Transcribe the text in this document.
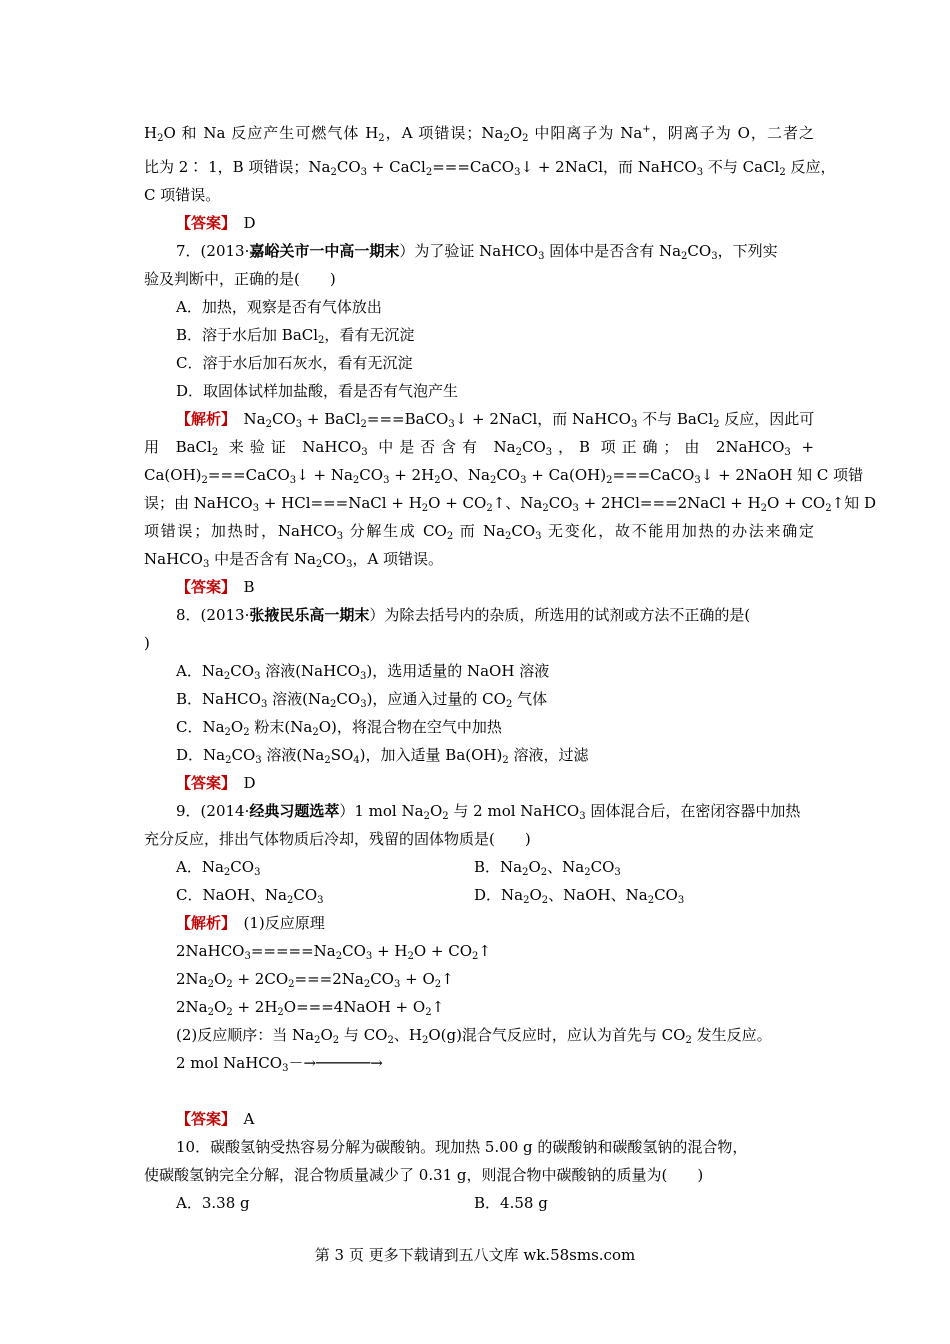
$H_2O$ 和 Na 反应产生可燃气体 $H_2$，A 项错误；$Na_2O_2$ 中阳离子为 Na+，阴离子为 O，二者之
比为 2∶ 1，B 项错误；$Na_2CO_3$ + CaCl$_2$===CaCO$_3$↓ + 2NaCl，而 NaHCO$_3$ 不与 CaCl$_2$ 反应，
C 项错误。
【答案】　 D
7．(2013·嘉峪关市一中高一期末）为了验证 NaHCO$_3$ 固体中是否含有 $Na_2CO_3$，下列实
验及判断中，正确的是(　　)
A．加热，观察是否有气体放出
B．溶于水后加 BaCl$_2$，看有无沉淀
C．溶于水后加石灰水，看有无沉淀
D．取固体试样加盐酸，看是否有气泡产生
【解析】　 $Na_2CO_3$ + BaCl$_2$===BaCO$_3$↓ + 2NaCl，而 NaHCO$_3$ 不与 BaCl$_2$ 反应，因此可
用 BaCl$_2$ 来验证 NaHCO$_3$ 中是否含有 $Na_2CO_3$，B 项正确；由 2NaHCO$_3$ +
$Ca(OH)_2===CaCO_3↓ + Na_2CO_3 + 2H_2O$、$Na_2CO_3$ + $Ca(OH)_2===CaCO_3↓$ + 2NaOH 知 C 项错
误；由 NaHCO$_3$ + HCl===NaCl + $H_2O$ + $CO_2↑$、$Na_2CO_3$ + 2HCl===2NaCl + $H_2O$ + $CO_2↑$知 D
项错误；加热时，NaHCO$_3$ 分解生成 $CO_2$ 而 $Na_2CO_3$ 无变化，故不能用加热的办法来确定
NaHCO$_3$ 中是否含有 $Na_2CO_3$，A 项错误。
【答案】　 B
8．(2013·张掖民乐高一期末）为除去括号内的杂质，所选用的试剂或方法不正确的是(
)
A．$Na_2CO_3$ 溶液(NaHCO$_3$)，选用适量的 NaOH 溶液
B．NaHCO$_3$ 溶液$(Na_2CO_3)$，应通入过量的 $CO_2$ 气体
C．$Na_2O_2$ 粉末$(Na_2O)$，将混合物在空气中加热
D．$Na_2CO_3$ 溶液$(Na_2SO_4)$，加入适量 $Ba(OH)_2$ 溶液，过滤
【答案】　 D
9．(2014·经典习题选萃）1 mol $Na_2O_2$ 与 2 mol NaHCO$_3$ 固体混合后，在密闭容器中加热
充分反应，排出气体物质后冷却，残留的固体物质是(　　)
A．$Na_2CO_3$	B．$Na_2O_2$、$Na_2CO_3$
C．NaOH、$Na_2CO_3$	D．$Na_2O_2$、NaOH、$Na_2CO_3$
【解析】　 (1)反应原理
$2NaHCO_3=====Na_2CO_3 + H_2O$ + $CO_2↑$
$2Na_2O_2 + 2CO_2===2Na_2CO_3$ + $O_2↑$
$2Na_2O_2$ + $2H_2O===4NaOH$ + $O_2↑$
(2)反应顺序：当 $Na_2O_2$ 与 $CO_2$、$H_2O(g)$混合气反应时，应认为首先与 $CO_2$ 发生反应。
2 mol NaHCO$_3$－→──────→
【答案】　 A
10．碳酸氢钠受热容易分解为碳酸钠。现加热 5.00 g 的碳酸钠和碳酸氢钠的混合物，
使碳酸氢钠完全分解，混合物质量减少了 0.31 g，则混合物中碳酸钠的质量为(　　)
A．3.38 g	B．4.58 g
第 3 页 更多下载请到五八文库 wk.58sms.com
